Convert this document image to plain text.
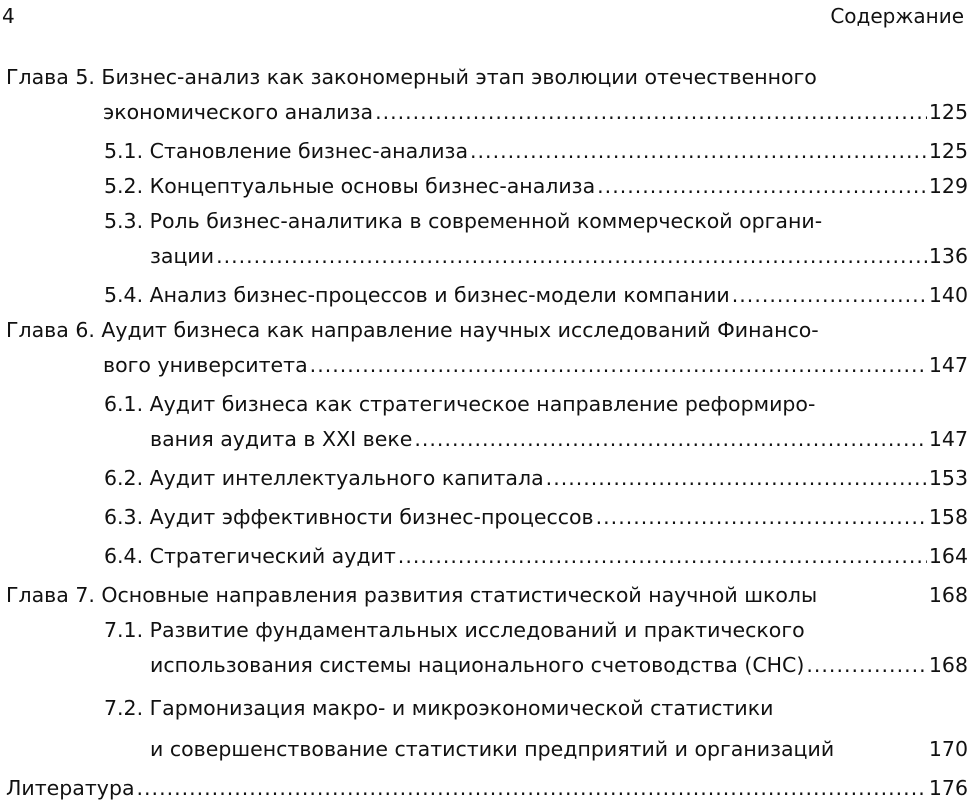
4	Содержание
Глава 5. Бизнес-анализ как закономерный этап эволюции отечественного
экономического анализа .....	125
5.1. Становление бизнес-анализа .....	125
5.2. Концептуальные основы бизнес-анализа .....	129
5.3. Роль бизнес-аналитика в современной коммерческой органи-
зации .....	136
5.4. Анализ бизнес-процессов и бизнес-модели компании .....	140
Глава 6. Аудит бизнеса как направление научных исследований Финансо-
вого университета .....	147
6.1. Аудит бизнеса как стратегическое направление реформиро-
вания аудита в XXI веке .....	147
6.2. Аудит интеллектуального капитала .....	153
6.3. Аудит эффективности бизнес-процессов .....	158
6.4. Стратегический аудит .....	164
Глава 7. Основные направления развития статистической научной школы	168
7.1. Развитие фундаментальных исследований и практического
использования системы национального счетоводства (СНС) .....	168
7.2. Гармонизация макро- и микроэкономической статистики
и совершенствование статистики предприятий и организаций	170
Литература .....	176
